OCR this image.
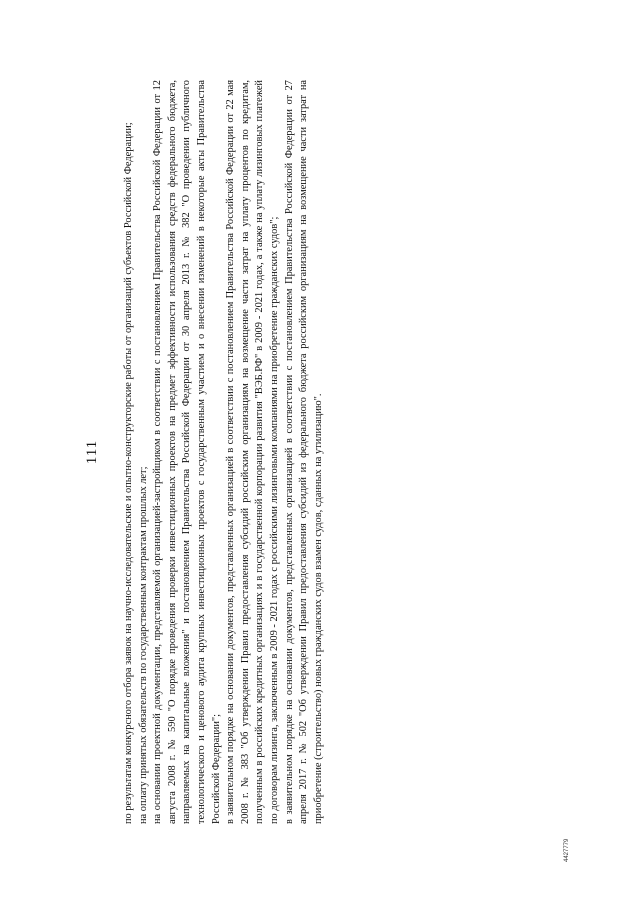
111 по результатам конкурсного отбора заявок на научно-исследовательские и опытно-конструкторские работы от организаций субъектов Российской Федерации; на оплату принятых обязательств по государственным контрактам прошлых лет; на основании проектной документации, представляемой организацией-застройщиком в соответствии с постановлением Правительства Российской Федерации от 12 августа 2008 г. № 590 "О порядке проведения проверки инвестиционных проектов на предмет эффективности использования средств федерального бюджета, направляемых на капитальные вложения" и постановлением Правительства Российской Федерации от 30 апреля 2013 г. № 382 "О проведении публичного технологического и ценового аудита крупных инвестиционных проектов с государственным участием и о внесении изменений в некоторые акты Правительства Российской Федерации"; в заявительном порядке на основании документов, представленных организацией в соответствии с постановлением Правительства Российской Федерации от 22 мая 2008 г. № 383 "Об утверждении Правил предоставления субсидий российским организациям на возмещение части затрат на уплату процентов по кредитам, полученным в российских кредитных организациях и в государственной корпорации развития "ВЭБ.РФ" в 2009 - 2021 годах, а также на уплату лизинговых платежей по договорам лизинга, заключенным в 2009 - 2021 годах с российскими лизинговыми компаниями на приобретение гражданских судов"; в заявительном порядке на основании документов, представленных организацией в соответствии с постановлением Правительства Российской Федерации от 27 апреля 2017 г. № 502 "Об утверждении Правил предоставления субсидий из федерального бюджета российским организациям на возмещение части затрат на приобретение (строительство) новых гражданских судов взамен судов, сданных на утилизацию".

4427779
